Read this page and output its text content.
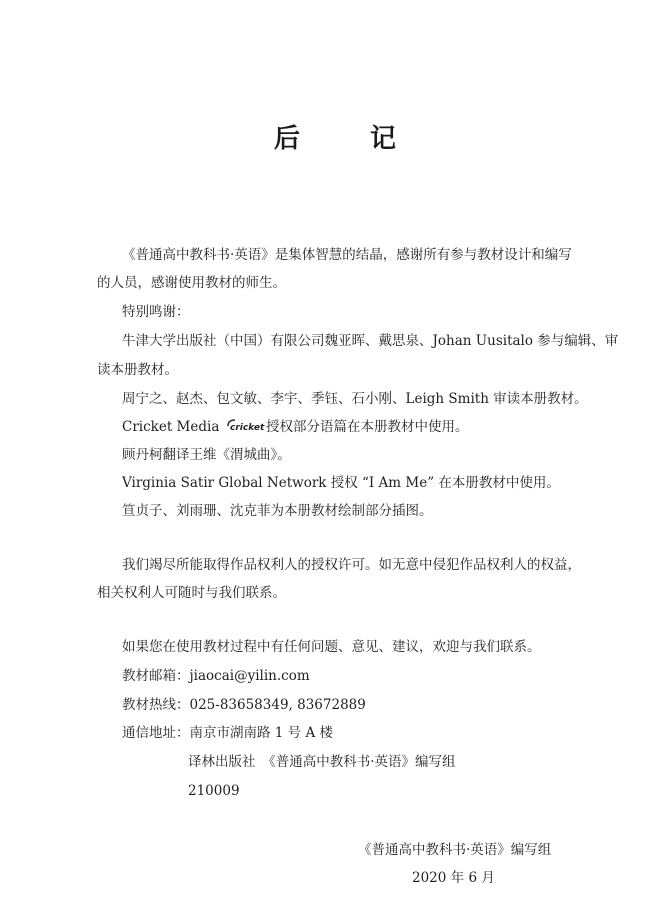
后　记
《普通高中教科书·英语》是集体智慧的结晶，感谢所有参与教材设计和编写
的人员，感谢使用教材的师生。
特别鸣谢：
牛津大学出版社（中国）有限公司魏亚晖、戴思泉、Johan Uusitalo 参与编辑、审
读本册教材。
周宁之、赵杰、包文敏、李宇、季钰、石小刚、Leigh Smith 审读本册教材。
Cricket Media cricket
授权部分语篇在本册教材中使用。
顾丹柯翻译王维《渭城曲》。
Virginia Satir Global Network 授权 “I Am Me” 在本册教材中使用。
笪贞子、刘雨珊、沈克菲为本册教材绘制部分插图。
我们竭尽所能取得作品权利人的授权许可。如无意中侵犯作品权利人的权益，
相关权利人可随时与我们联系。
如果您在使用教材过程中有任何问题、意见、建议，欢迎与我们联系。
教材邮箱：jiaocai@yilin.com
教材热线：025-83658349, 83672889
通信地址：南京市湖南路 1 号 A 楼
译林出版社　《普通高中教科书·英语》编写组
210009
《普通高中教科书·英语》编写组
2020 年 6 月
